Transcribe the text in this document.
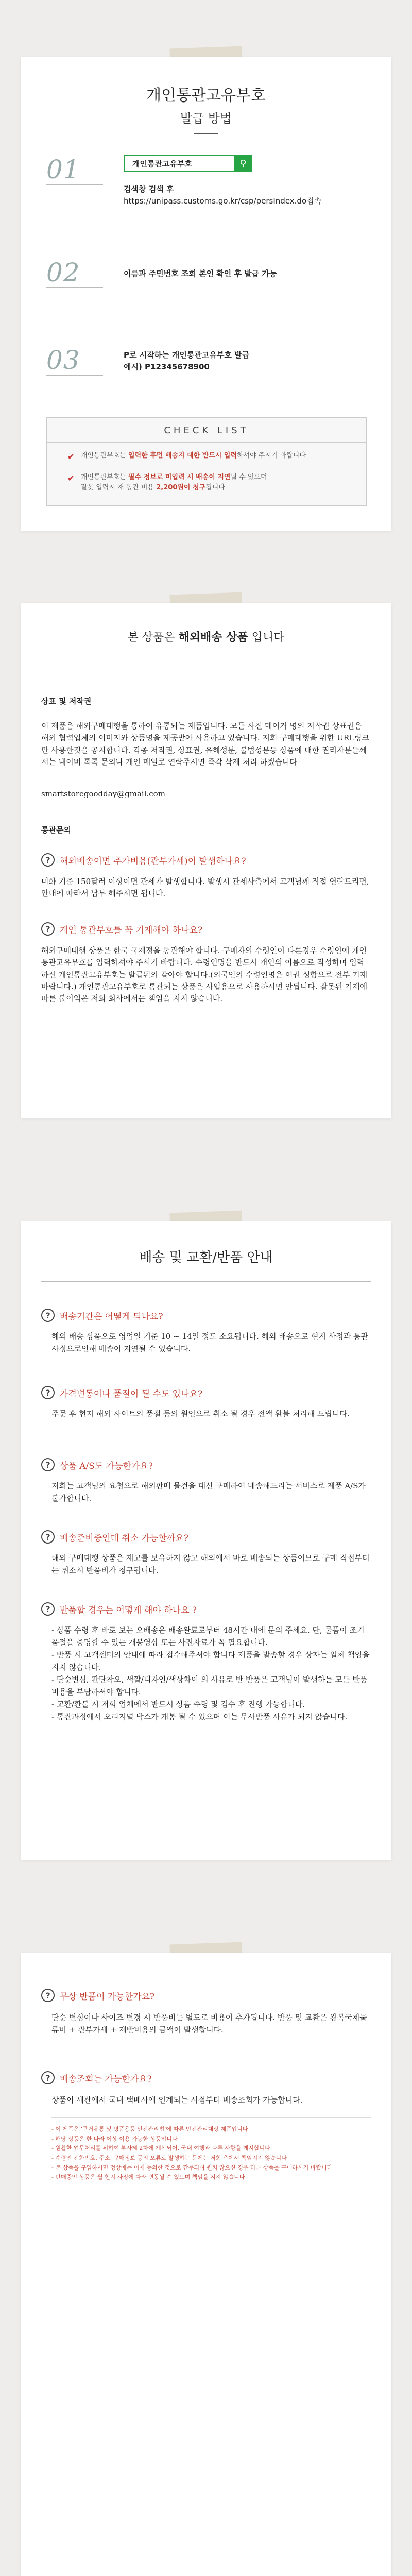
개인통관고유부호
발급 방법
01	개인통관고유부호	⚲
검색창 검색 후
https://unipass.customs.go.kr/csp/persIndex.do접속
02	이름과 주민번호 조회 본인 확인 후 발급 가능
03	P로 시작하는 개인통관고유부호 발급
예시) P12345678900
CHECK LIST
✔ 개인통관부호는 입력한 휴먼 배송지 대한 반드시 입력하셔야 주시기 바랍니다
✔ 개인통관부호는 필수 정보로 미입력 시 배송이 지연될 수 있으며
잘못 입력시 재 통관 비용 2,200원이 청구됩니다
본 상품은 해외배송 상품 입니다
상표 및 저작권
이 제품은 해외구매대행을 통하여 유통되는 제품입니다. 모든 사진 메이커 명의 저작권 상표권은 해외 협력업체의 이미지와 상품명을 제공받아 사용하고 있습니다. 저희 구매대행을 위한 URL링크만 사용한것을 공지합니다. 각종 저작권, 상표권, 유해성분, 불법성분등 상품에 대한 권리자분들께서는 내이버 톡톡 문의나 개인 메일로 연락주시면 즉각 삭제 처리 하겠습니다
smartstoregoodday@gmail.com
통관문의
?	해외배송이면 추가비용(관부가세)이 발생하나요?
미화 기준 150달러 이상이면 관세가 발생합니다. 발생시 관세사측에서 고객님께 직접 연락드리면, 안내에 따라서 납부 해주시면 됩니다.
?	개인 통관부호를 꼭 기재해야 하나요?
해외구매대행 상품은 한국 국제정을 통관해야 합니다. 구매자의 수령인이 다른경우 수령인에 개인통관고유부호를 입력하셔야 주시기 바랍니다. 수령인명을 반드시 개인의 이름으로 작성하며 입력하신 개인통관고유부호는 발급된의 같아야 합니다.(외국인의 수령인명은 여권 성함으로 전부 기재 바랍니다.) 개인통관고유부호로 통관되는 상품은 사업용으로 사용하시면 안됩니다. 잘못된 기재에 따른 불이익은 저희 회사에서는 책임을 지지 않습니다.
배송 및 교환/반품 안내
?	배송기간은 어떻게 되나요?
해외 배송 상품으로 영업일 기준 10 ~ 14일 정도 소요됩니다. 해외 배송으로 현지 사정과 통관 사정으로인해 배송이 지연될 수 있습니다.
?	가격변동이나 품절이 될 수도 있나요?
주문 후 현지 해외 사이트의 품절 등의 원인으로 취소 될 경우 전액 환불 처리해 드립니다.
?	상품 A/S도 가능한가요?
저희는 고객님의 요청으로 해외판매 물건을 대신 구매하여 배송해드리는 서비스로 제품 A/S가 불가합니다.
?	배송준비중인데 취소 가능할까요?
해외 구매대행 상품은 재고를 보유하지 않고 해외에서 바로 배송되는 상품이므로 구매 직접부터는 취소시 반품비가 청구됩니다.
?	반품할 경우는 어떻게 해야 하나요 ?
- 상품 수령 후 바로 보는 오배송은 배송완료로부터 48시간 내에 문의 주세요. 단, 물품이 조기 품절을 증명할 수 있는 개봉영상 또는 사진자료가 꼭 필요합니다.
- 반품 시 고객센터의 안내에 따라 접수해주셔야 합니다 제품을 발송할 경우 상자는 일체 책임을 지지 않습니다.
- 단순변심, 판단착오, 색깔/디자인/색상차이 의 사유로 반 반품은 고객님이 발생하는 모든 반품비용을 부담하셔야 합니다.
- 교환/환불 시 저희 업체에서 반드시 상품 수령 및 검수 후 진행 가능합니다.
- 통관과정에서 오리지널 박스가 개봉 될 수 있으며 이는 무사반품 사유가 되지 않습니다.
?	무상 반품이 가능한가요?
단순 변심이나 사이즈 변경 시 반품비는 별도로 비용이 추가됩니다. 반품 및 교환은 왕복국제물류비 + 관부가세 + 제반비용의 금액이 발생합니다.
?	배송조회는 가능한가요?
상품이 세관에서 국내 택배사에 인계되는 시점부터 배송조회가 가능합니다.
- 이 제품은 '쿠거유통 및 명품용품 인전관리법'에 따른 안전관리대상 제품입니다
- 해당 상품은 한 나라 이상 이용 가능한 상품입니다
- 원활한 업무처리를 위하여 부사제 2차에 계산되어, 국내 여행과 다른 사항을 게시합니다
- 수령인 전화번호, 주소, 구매정보 등의 오류로 발생하는 문제는 저희 측에서 책임지지 않습니다
- 본 상품을 구입하시면 정상에는 이에 동의한 것으로 간주되며 원치 않으신 경우 다른 상품을 구매하시기 바랍니다
- 판매중인 상품은 월 현지 사정에 따라 변동될 수 있으며 책임을 지지 않습니다
